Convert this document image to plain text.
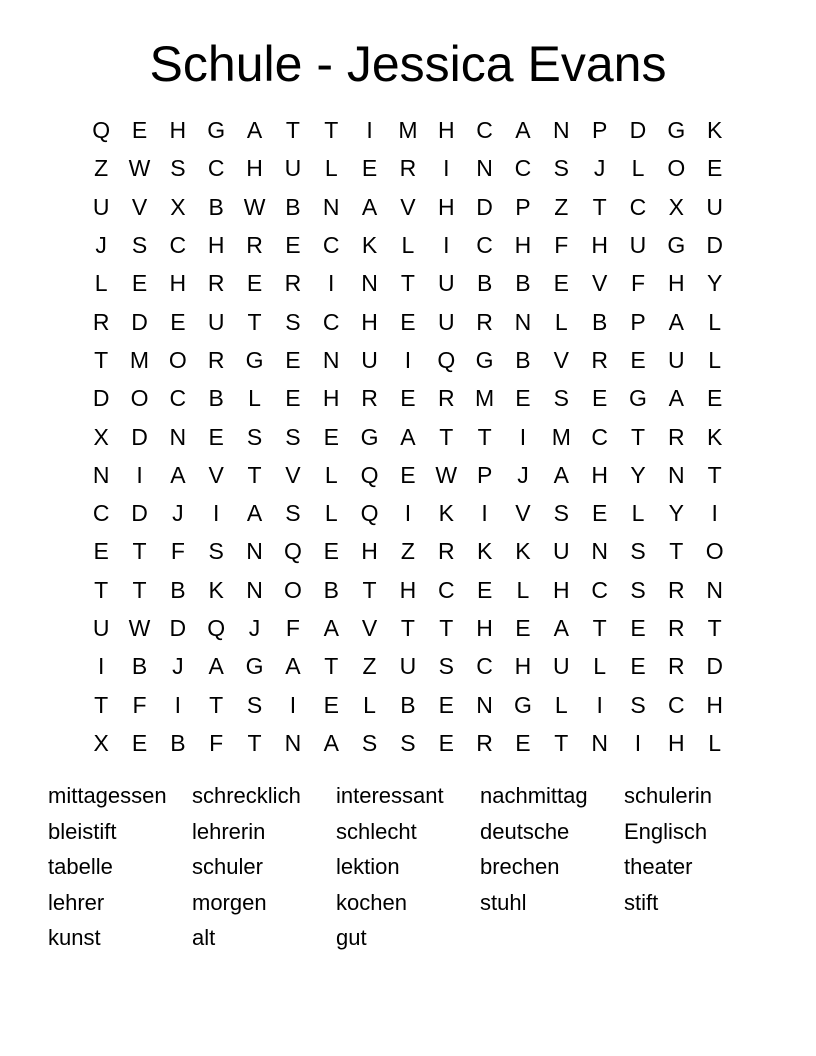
Schule - Jessica Evans
Q E H G A	T	T	I	M H C A N P D G K
Z W S C H U	L	E R	I	N C S	J	L	O E
U V	X	B W B N A	V H D P	Z	T	C X U
J	S C H R E C K	L	I	C H	F	H U G D
L	E H R E R	I	N	T	U B	B	E	V	F	H Y
R D E U	T	S C H E U R N	L	B	P	A	L
T M O R G E N U	I	Q G B	V R E U	L
D O C B	L	E H R E R M E	S	E G A	E
X D N E	S	S	E G A	T	T	I	M C	T	R K
N	I	A	V	T	V	L	Q E W P	J	A H Y N	T
C D	J	I	A	S	L	Q	I	K	I	V	S	E	L	Y	I
E	T	F	S N Q E H	Z	R K	K U N S	T O
T	T	B	K N O B	T	H C E	L	H C S R N
U W D Q	J	F	A	V	T	T	H E	A	T	E R	T
I	B	J	A G A	T	Z	U S C H U	L	E R D
T	F	I	T	S	I	E	L	B	E N G	L	I	S C H
X	E	B	F	T	N A	S	S	E R E	T	N	I	H	L
mittagessen	schrecklich	interessant	nachmittag	schulerin
bleistift	lehrerin	schlecht	deutsche	Englisch
tabelle	schuler	lektion	brechen	theater
lehrer	morgen	kochen	stuhl	stift
kunst	alt	gut
